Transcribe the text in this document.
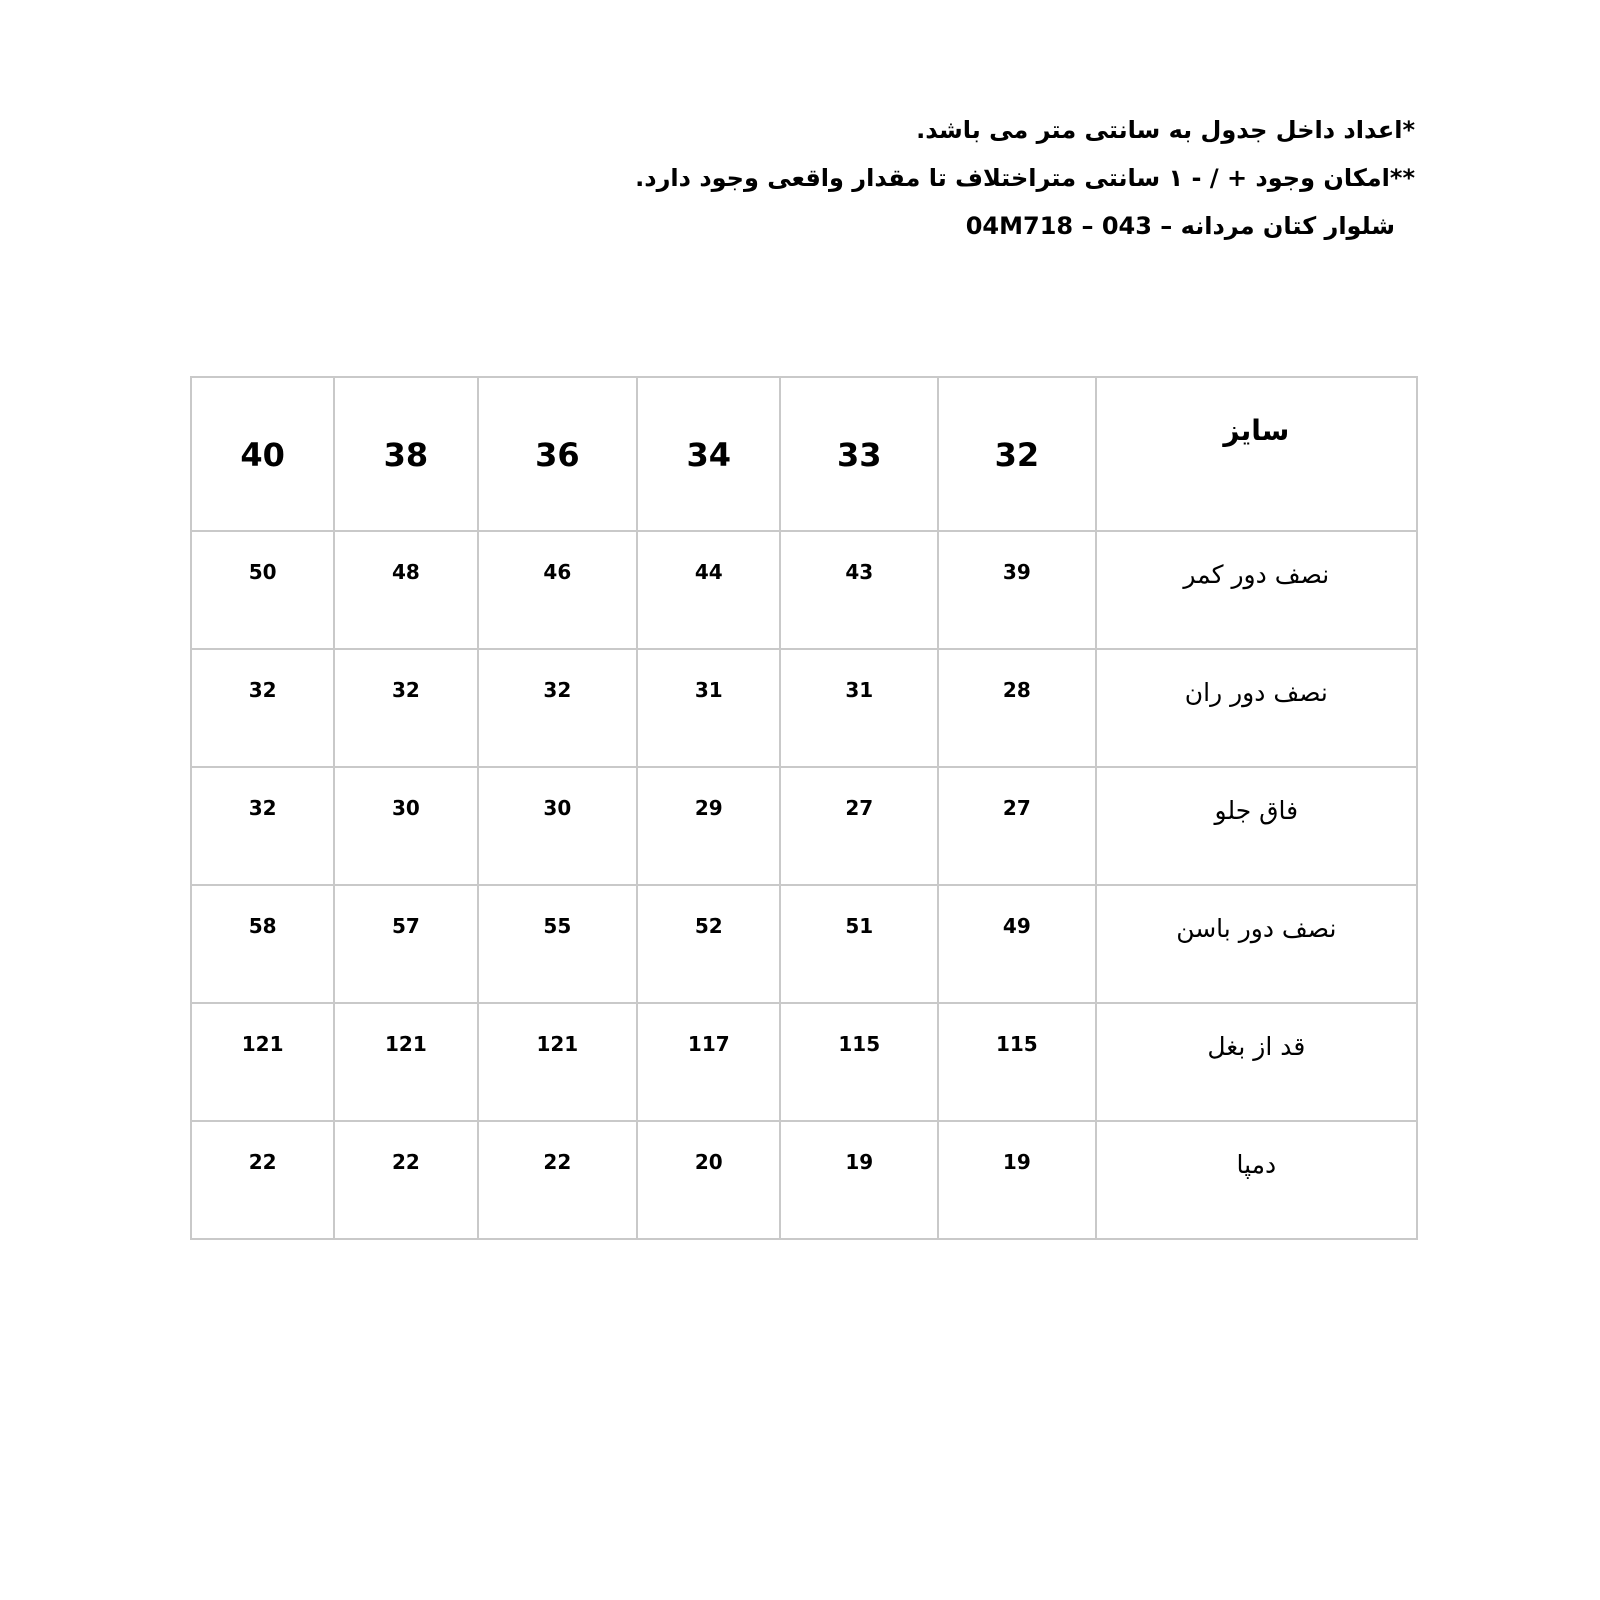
*اعداد داخل جدول به سانتی متر می باشد.

**امکان وجود + / - ۱ سانتی متراختلاف تا مقدار واقعی وجود دارد.

شلوار کتان مردانه – 043 – 04M718

40	38	36	34	33	32	سایز

50	48	46	44	43	39	نصف دور کمر

32	32	32	31	31	28	نصف دور ران

32	30	30	29	27	27	فاق جلو

58	57	55	52	51	49	نصف دور باسن

121	121	121	117	115	115	قد از بغل

22	22	22	20	19	19	دمپا
